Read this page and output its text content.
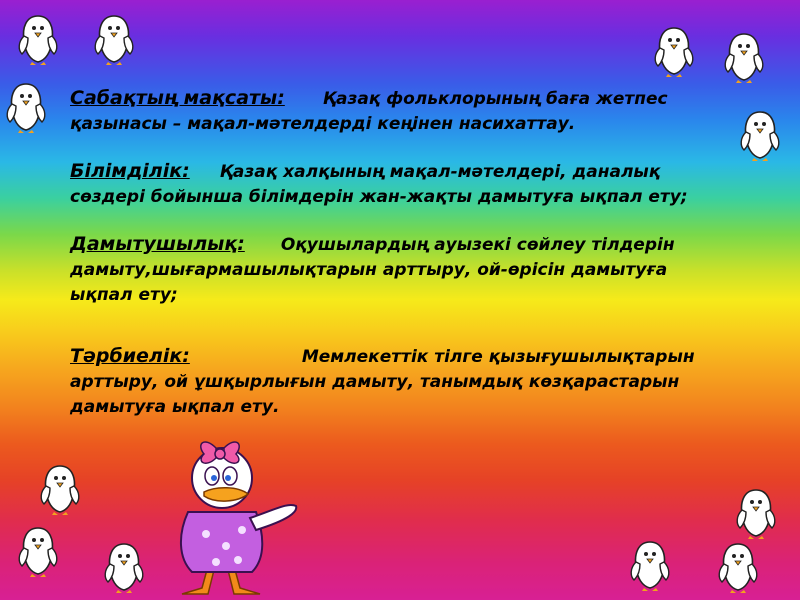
Сабақтың мақсаты: Қазақ фольклорының баға жетпес қазынасы – мақал-мәтелдерді кеңінен насихаттау.

Білімділік: Қазақ халқының мақал-мәтелдері, даналық сөздері бойынша білімдерін жан-жақты дамытуға ықпал ету;

Дамытушылық: Оқушылардың ауызекі сөйлеу тілдерін дамыту,шығармашылықтарын арттыру, ой-өрісін дамытуға ықпал ету;

Тәрбиелік:	Мемлекеттік тілге қызығушылықтарын арттыру, ой ұшқырлығын дамыту, танымдық көзқарастарын дамытуға ықпал ету.
